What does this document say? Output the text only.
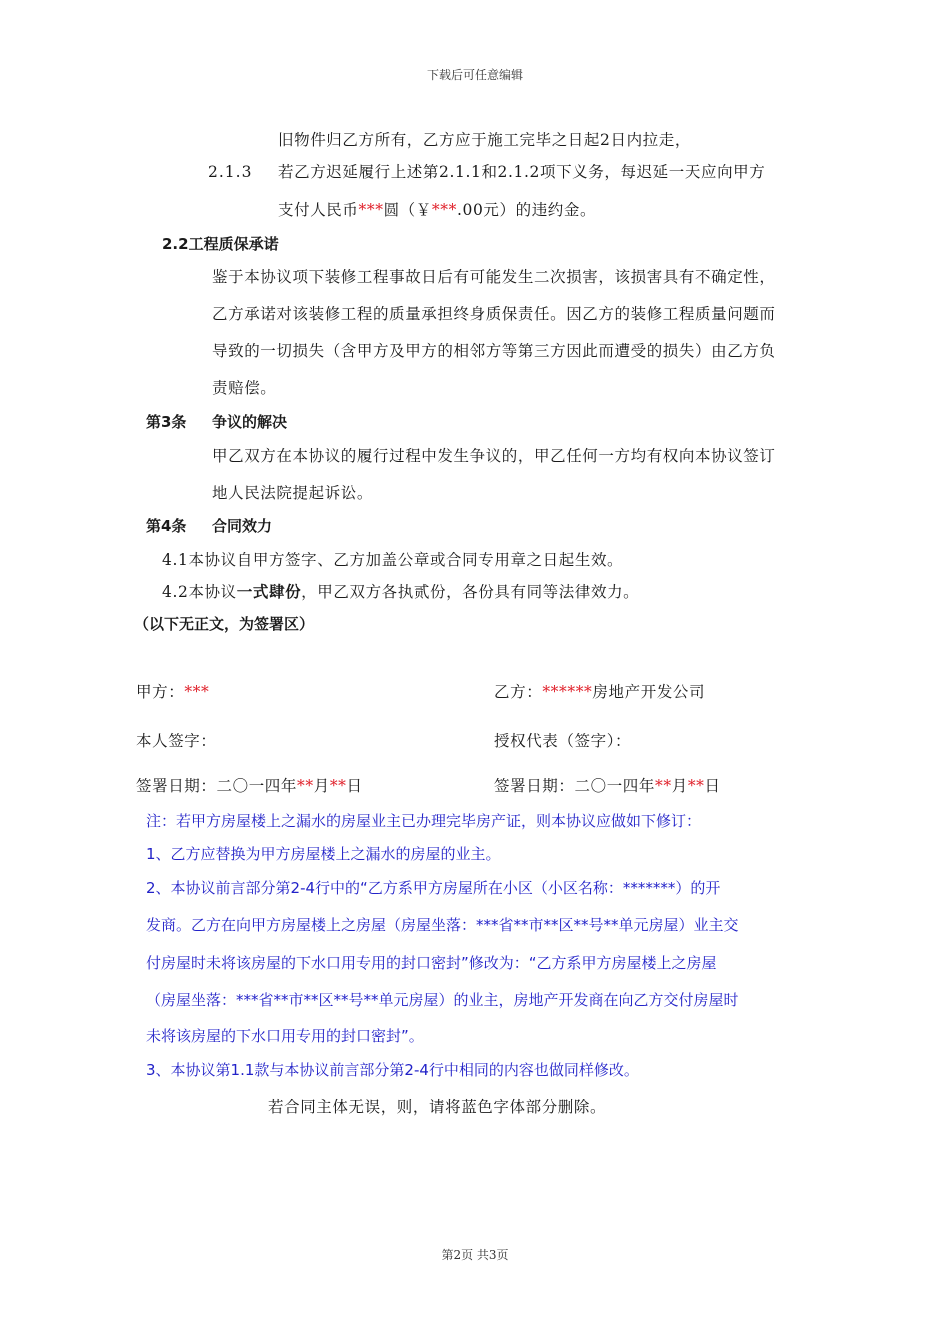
下载后可任意编辑
旧物件归乙方所有，乙方应于施工完毕之日起2日内拉走，
2.1.3 若乙方迟延履行上述第2.1.1和2.1.2项下义务，每迟延一天应向甲方
支付人民币***圆（￥***.00元）的违约金。
2.2工程质保承诺
鉴于本协议项下装修工程事故日后有可能发生二次损害，该损害具有不确定性，
乙方承诺对该装修工程的质量承担终身质保责任。因乙方的装修工程质量问题而
导致的一切损失（含甲方及甲方的相邻方等第三方因此而遭受的损失）由乙方负
责赔偿。
第3条 争议的解决
甲乙双方在本协议的履行过程中发生争议的，甲乙任何一方均有权向本协议签订
地人民法院提起诉讼。
第4条 合同效力
4.1本协议自甲方签字、乙方加盖公章或合同专用章之日起生效。
4.2本协议一式肆份，甲乙双方各执贰份，各份具有同等法律效力。
（以下无正文，为签署区）
甲方：***	乙方：******房地产开发公司
本人签字：	授权代表（签字）：
签署日期：二〇一四年**月**日	签署日期：二〇一四年**月**日
注：若甲方房屋楼上之漏水的房屋业主已办理完毕房产证，则本协议应做如下修订：
1、乙方应替换为甲方房屋楼上之漏水的房屋的业主。
2、本协议前言部分第2-4行中的“乙方系甲方房屋所在小区（小区名称：*******）的开
发商。乙方在向甲方房屋楼上之房屋（房屋坐落：***省**市**区**号**单元房屋）业主交
付房屋时未将该房屋的下水口用专用的封口密封”修改为：“乙方系甲方房屋楼上之房屋
（房屋坐落：***省**市**区**号**单元房屋）的业主，房地产开发商在向乙方交付房屋时
未将该房屋的下水口用专用的封口密封”。
3、本协议第1.1款与本协议前言部分第2-4行中相同的内容也做同样修改。
若合同主体无误，则，请将蓝色字体部分删除。
第2页 共3页
